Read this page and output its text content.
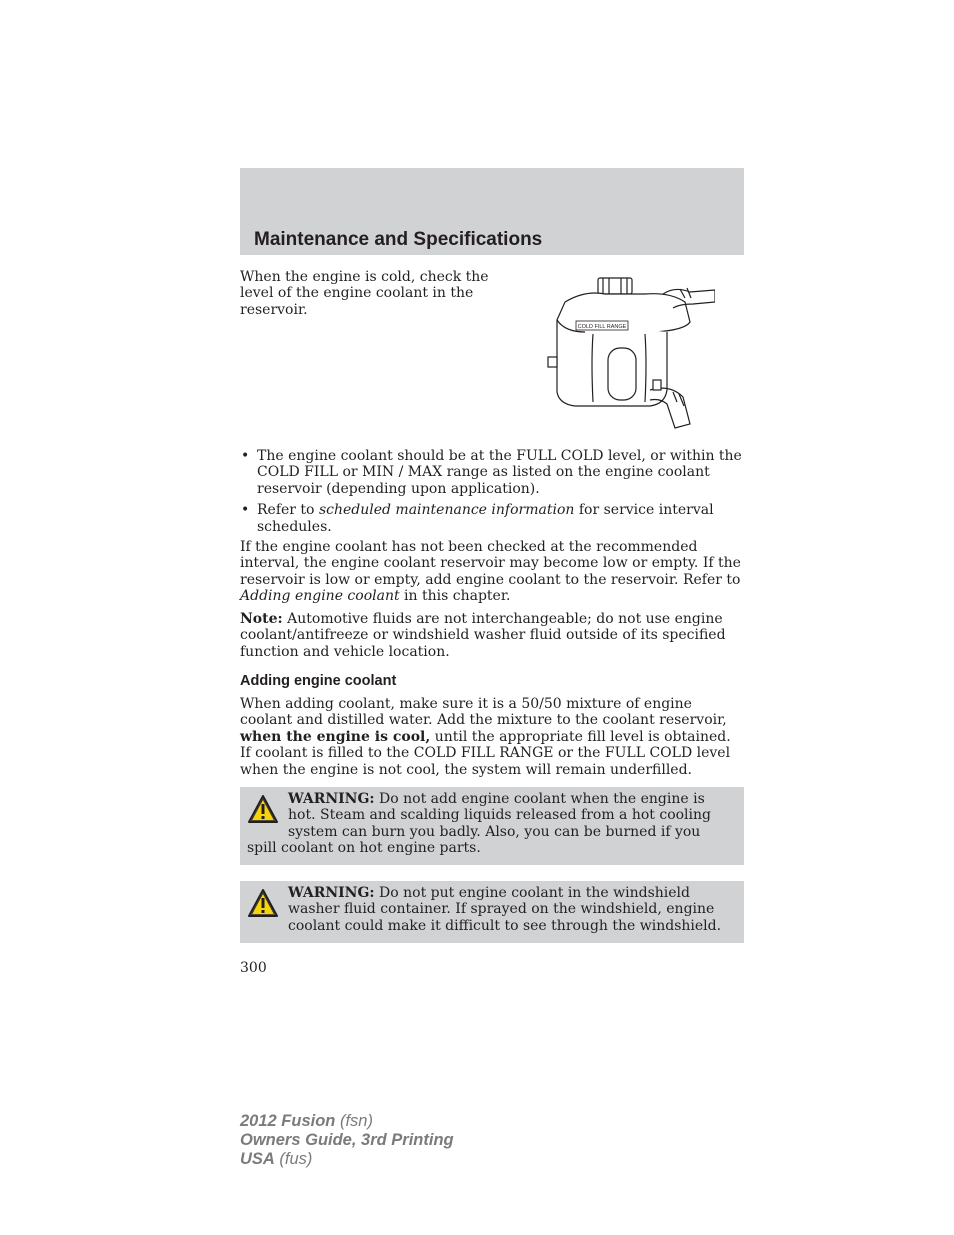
Maintenance and Specifications

When the engine is cold, check the level of the engine coolant in the reservoir.

COLD FILL RANGE
• The engine coolant should be at the FULL COLD level, or within the COLD FILL or MIN / MAX range as listed on the engine coolant reservoir (depending upon application).
• Refer to scheduled maintenance information for service interval schedules.

If the engine coolant has not been checked at the recommended interval, the engine coolant reservoir may become low or empty. If the reservoir is low or empty, add engine coolant to the reservoir. Refer to Adding engine coolant in this chapter.

Note: Automotive fluids are not interchangeable; do not use engine coolant/antifreeze or windshield washer fluid outside of its specified function and vehicle location.

Adding engine coolant

When adding coolant, make sure it is a 50/50 mixture of engine coolant and distilled water. Add the mixture to the coolant reservoir, when the engine is cool, until the appropriate fill level is obtained. If coolant is filled to the COLD FILL RANGE or the FULL COLD level when the engine is not cool, the system will remain underfilled.

WARNING: Do not add engine coolant when the engine is hot. Steam and scalding liquids released from a hot cooling system can burn you badly. Also, you can be burned if you spill coolant on hot engine parts.
WARNING: Do not put engine coolant in the windshield washer fluid container. If sprayed on the windshield, engine coolant could make it difficult to see through the windshield.
300
2012 Fusion (fsn)
Owners Guide, 3rd Printing
USA (fus)
